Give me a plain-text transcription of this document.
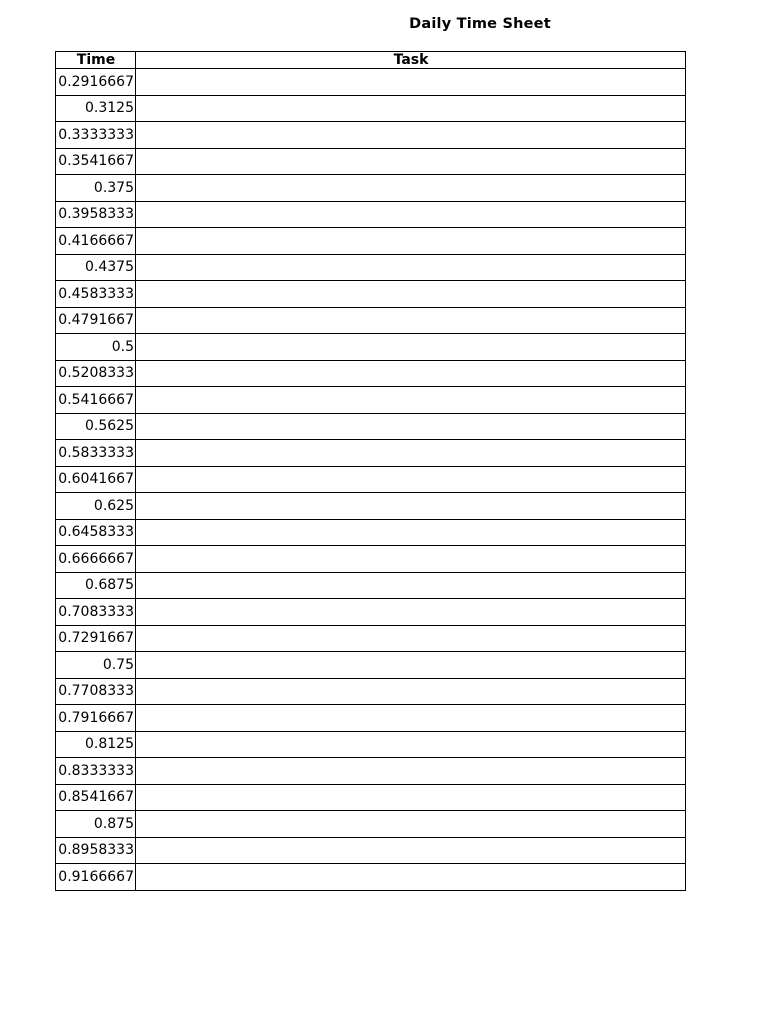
Daily Time Sheet
Time	Task
0.2916667	
0.3125	
0.3333333	
0.3541667	
0.375	
0.3958333	
0.4166667	
0.4375	
0.4583333	
0.4791667	
0.5	
0.5208333	
0.5416667	
0.5625	
0.5833333	
0.6041667	
0.625	
0.6458333	
0.6666667	
0.6875	
0.7083333	
0.7291667	
0.75	
0.7708333	
0.7916667	
0.8125	
0.8333333	
0.8541667	
0.875	
0.8958333	
0.9166667	
